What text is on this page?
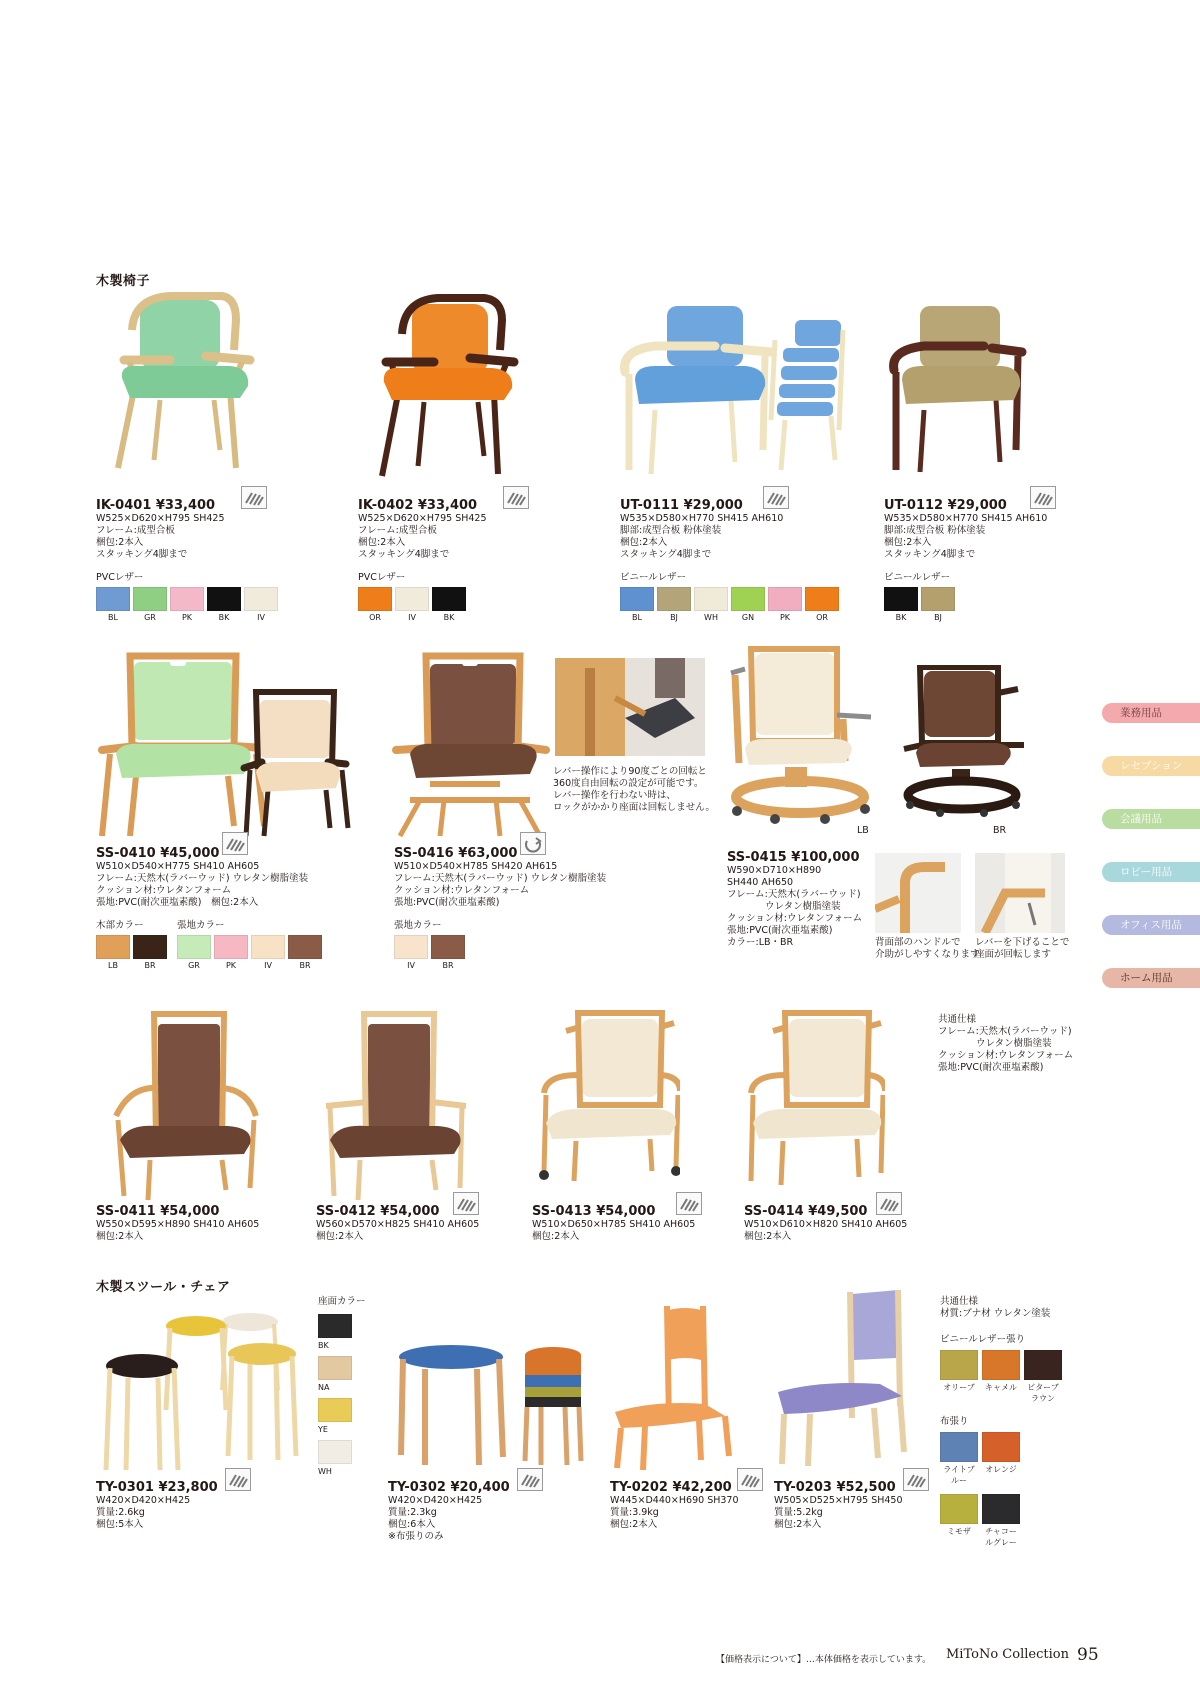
木製椅子
木製スツール・チェア
IK-0401 ¥33,400
W525×D620×H795 SH425
フレーム:成型合板
梱包:2本入
スタッキング4脚まで
PVCレザー
BL	GR	PK	BK	IV
IK-0402 ¥33,400
W525×D620×H795 SH425
フレーム:成型合板
梱包:2本入
スタッキング4脚まで
PVCレザー
OR	IV	BK
UT-0111 ¥29,000
W535×D580×H770 SH415 AH610
脚部:成型合板 粉体塗装
梱包:2本入
スタッキング4脚まで
ビニールレザー
BL	BJ	WH	GN	PK	OR
UT-0112 ¥29,000
W535×D580×H770 SH415 AH610
脚部:成型合板 粉体塗装
梱包:2本入
スタッキング4脚まで
ビニールレザー
BK	BJ
レバー操作により90度ごとの回転と
360度自由回転の設定が可能です。
レバー操作を行わない時は、
ロックがかかり座面は回転しません。
LB	BR
SS-0410 ¥45,000
W510×D540×H775 SH410 AH605
フレーム:天然木(ラバーウッド) ウレタン樹脂塗装
クッション材:ウレタンフォーム
張地:PVC(耐次亜塩素酸)　梱包:2本入
木部カラー
LB	BR
張地カラー
GR	PK	IV	BR
SS-0416 ¥63,000
W510×D540×H785 SH420 AH615
フレーム:天然木(ラバーウッド) ウレタン樹脂塗装
クッション材:ウレタンフォーム
張地:PVC(耐次亜塩素酸)
張地カラー
IV	BR
SS-0415 ¥100,000
W590×D710×H890
SH440 AH650
フレーム:天然木(ラバーウッド)
　　　　ウレタン樹脂塗装
クッション材:ウレタンフォーム
張地:PVC(耐次亜塩素酸)
カラー:LB・BR	背面部のハンドルで
介助がしやすくなります
レバーを下げることで
座面が回転します
業務用品
レセプション
会議用品
ロビー用品
オフィス用品
ホーム用品
共通仕様
フレーム:天然木(ラバーウッド)
　　　　ウレタン樹脂塗装
クッション材:ウレタンフォーム
張地:PVC(耐次亜塩素酸)
SS-0411 ¥54,000
W550×D595×H890 SH410 AH605
梱包:2本入
SS-0412 ¥54,000
W560×D570×H825 SH410 AH605
梱包:2本入
SS-0413 ¥54,000
W510×D650×H785 SH410 AH605
梱包:2本入
SS-0414 ¥49,500
W510×D610×H820 SH410 AH605
梱包:2本入
座面カラー
BK
NA
YE
WH
TY-0301 ¥23,800
W420×D420×H425
質量:2.6kg
梱包:5本入
TY-0302 ¥20,400
W420×D420×H425
質量:2.3kg
梱包:6本入
※布張りのみ
TY-0202 ¥42,200
W445×D440×H690 SH370
質量:3.9kg
梱包:2本入
TY-0203 ¥52,500
W505×D525×H795 SH450
質量:5.2kg
梱包:2本入
共通仕様
材質:ブナ材 ウレタン塗装
ビニールレザー張り
オリーブ	キャメル	ビターブラウン
布張り
ライトブルー
オレンジ
ミモザ	チャコールグレー
【価格表示について】…本体価格を表示しています。 MiToNo Collection 95
